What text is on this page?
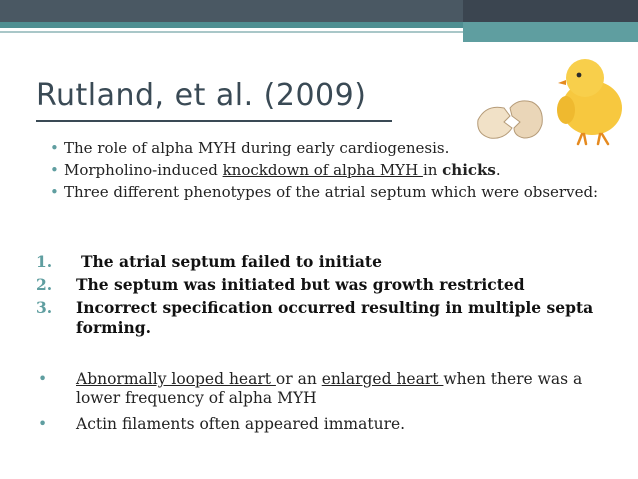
Rutland, et al. (2009)
• The role of alpha MYH during early cardiogenesis.
• Morpholino-induced knockdown of alpha MYH in chicks.
• Three different phenotypes of the atrial septum which were observed:
1. The atrial septum failed to initiate
2. The septum was initiated but was growth restricted
3. Incorrect specification occurred resulting in multiple septa forming.
• Abnormally looped heart or an enlarged heart when there was a lower frequency of alpha MYH
• Actin filaments often appeared immature.
